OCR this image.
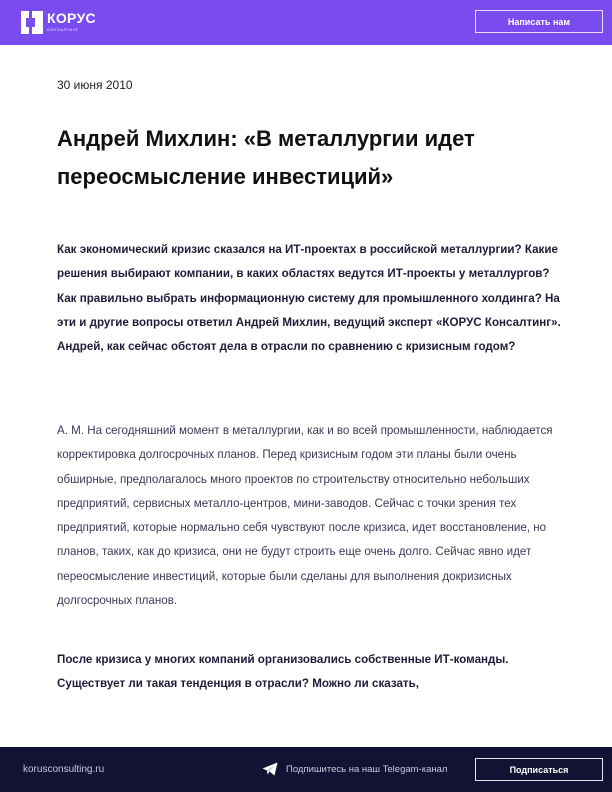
КОРУС
КОНСАЛТИНГ
Написать нам
30 июня 2010
Андрей Михлин: «В металлургии идет переосмысление инвестиций»

Как экономический кризис сказался на ИТ-проектах в российской металлургии? Какие решения выбирают компании, в каких областях ведутся ИТ-проекты у металлургов? Как правильно выбрать информационную систему для промышленного холдинга? На эти и другие вопросы ответил Андрей Михлин, ведущий эксперт «КОРУС Консалтинг». Андрей, как сейчас обстоят дела в отрасли по сравнению с кризисным годом?

А. М. На сегодняшний момент в металлургии, как и во всей промышленности, наблюдается корректировка долгосрочных планов. Перед кризисным годом эти планы были очень обширные, предполагалось много проектов по строительству относительно небольших предприятий, сервисных металло-центров, мини-заводов. Сейчас с точки зрения тех предприятий, которые нормально себя чувствуют после кризиса, идет восстановление, но планов, таких, как до кризиса, они не будут строить еще очень долго. Сейчас явно идет переосмысление инвестиций, которые были сделаны для выполнения докризисных долгосрочных планов.

После кризиса у многих компаний организовались собственные ИТ-команды. Существует ли такая тенденция в отрасли? Можно ли сказать,

korusconsulting.ru	Подпишитесь на наш Telegam-канал	Подписаться
